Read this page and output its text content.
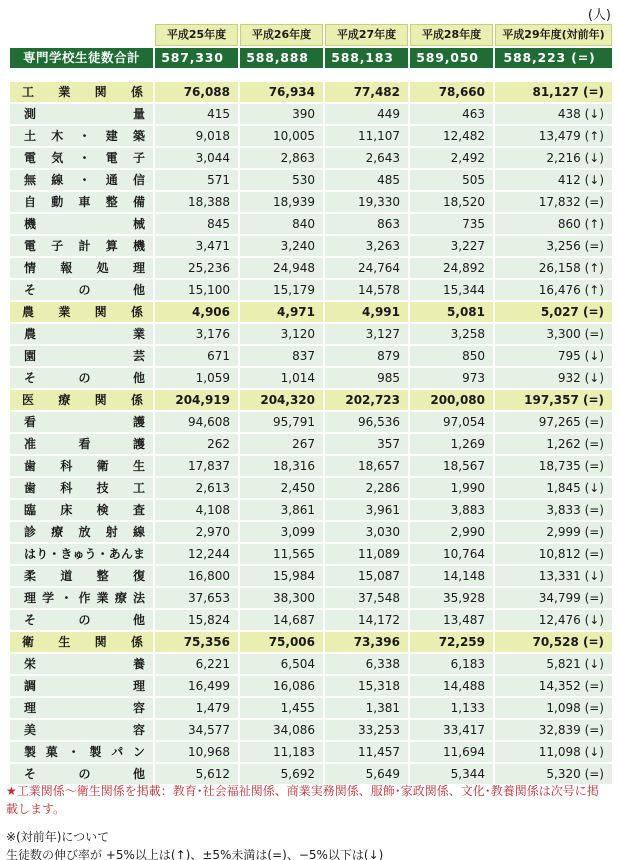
(人)
	平成25年度	平成26年度	平成27年度	平成28年度	平成29年度(対前年)
専門学校生徒数合計	587,330	588,888	588,183	589,050	588,223 (=)

工業関係	76,088	76,934	77,482	78,660	81,127 (=)
測量	415	390	449	463	438 (↓)
土木・建築	9,018	10,005	11,107	12,482	13,479 (↑)
電気・電子	3,044	2,863	2,643	2,492	2,216 (↓)
無線・通信	571	530	485	505	412 (↓)
自動車整備	18,388	18,939	19,330	18,520	17,832 (=)
機械	845	840	863	735	860 (↑)
電子計算機	3,471	3,240	3,263	3,227	3,256 (=)
情報処理	25,236	24,948	24,764	24,892	26,158 (↑)
その他	15,100	15,179	14,578	15,344	16,476 (↑)
農業関係	4,906	4,971	4,991	5,081	5,027 (=)
農業	3,176	3,120	3,127	3,258	3,300 (=)
園芸	671	837	879	850	795 (↓)
その他	1,059	1,014	985	973	932 (↓)
医療関係	204,919	204,320	202,723	200,080	197,357 (=)
看護	94,608	95,791	96,536	97,054	97,265 (=)
准看護	262	267	357	1,269	1,262 (=)
歯科衛生	17,837	18,316	18,657	18,567	18,735 (=)
歯科技工	2,613	2,450	2,286	1,990	1,845 (↓)
臨床検査	4,108	3,861	3,961	3,883	3,833 (=)
診療放射線	2,970	3,099	3,030	2,990	2,999 (=)
はり・きゅう・あんま	12,244	11,565	11,089	10,764	10,812 (=)
柔道整復	16,800	15,984	15,087	14,148	13,331 (↓)
理学・作業療法	37,653	38,300	37,548	35,928	34,799 (=)
その他	15,824	14,687	14,172	13,487	12,476 (↓)
衛生関係	75,356	75,006	73,396	72,259	70,528 (=)
栄養	6,221	6,504	6,338	6,183	5,821 (↓)
調理	16,499	16,086	15,318	14,488	14,352 (=)
理容	1,479	1,455	1,381	1,133	1,098 (=)
美容	34,577	34,086	33,253	33,417	32,839 (=)
製菓・製パン	10,968	11,183	11,457	11,694	11,098 (↓)
その他	5,612	5,692	5,649	5,344	5,320 (=)
★工業関係～衛生関係を掲載：教育･社会福祉関係、商業実務関係、服飾･家政関係、文化･教養関係は次号に掲載します。
※(対前年)について
生徒数の伸び率が +5%以上は(↑)、±5%未満は(=)、−5%以下は(↓)
